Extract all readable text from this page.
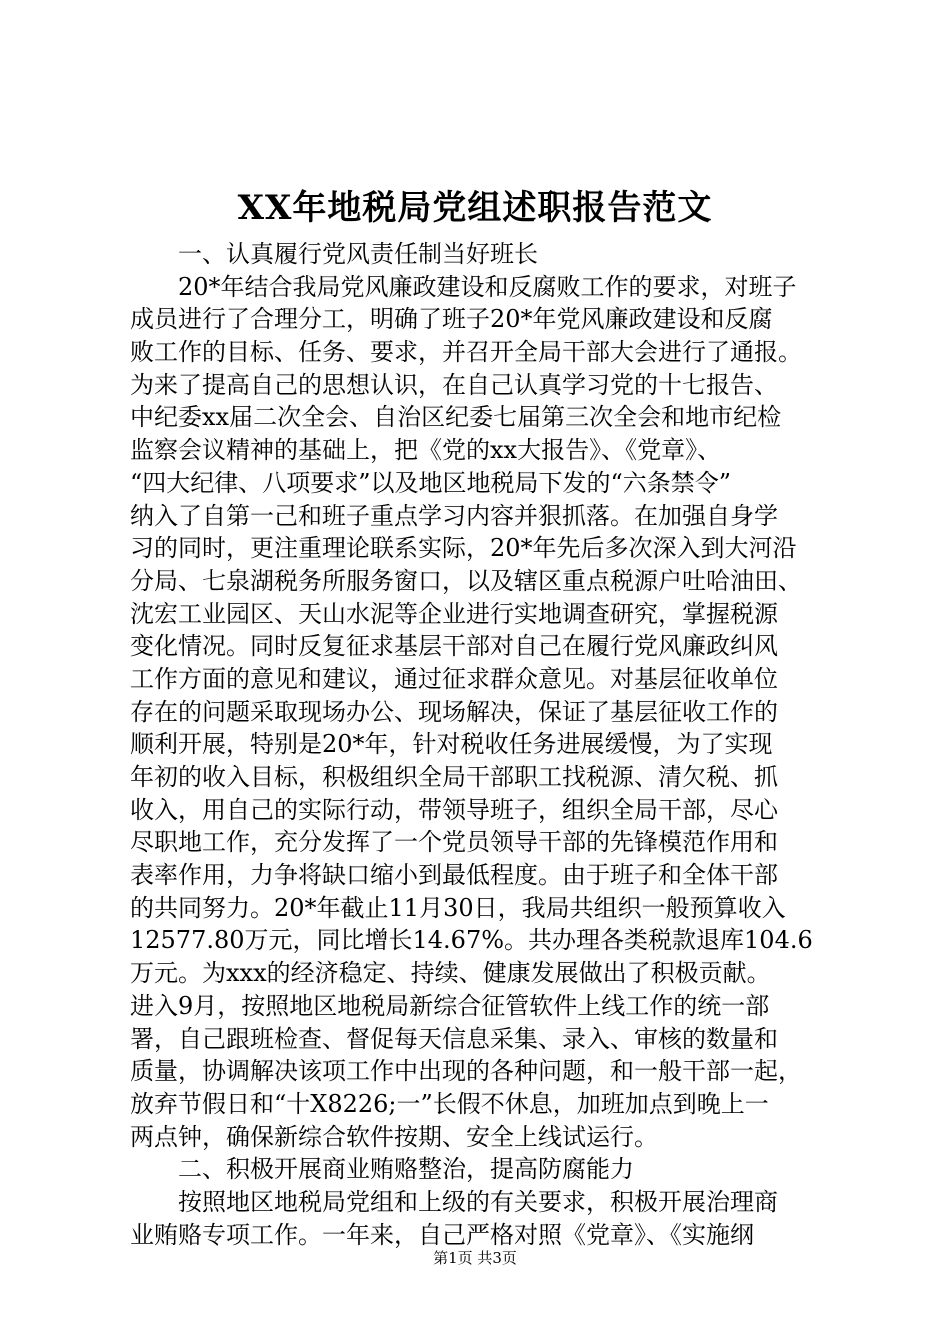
XX年地税局党组述职报告范文
一、认真履行党风责任制当好班长
20*年结合我局党风廉政建设和反腐败工作的要求，对班子
成员进行了合理分工，明确了班子20*年党风廉政建设和反腐
败工作的目标、任务、要求，并召开全局干部大会进行了通报。
为来了提高自己的思想认识，在自己认真学习党的十七报告、
中纪委xx届二次全会、自治区纪委七届第三次全会和地市纪检
监察会议精神的基础上，把《党的xx大报告》、《党章》、
“四大纪律、八项要求”以及地区地税局下发的“六条禁令”
纳入了自第一己和班子重点学习内容并狠抓落。在加强自身学
习的同时，更注重理论联系实际，20*年先后多次深入到大河沿
分局、七泉湖税务所服务窗口，以及辖区重点税源户吐哈油田、
沈宏工业园区、天山水泥等企业进行实地调查研究，掌握税源
变化情况。同时反复征求基层干部对自己在履行党风廉政纠风
工作方面的意见和建议，通过征求群众意见。对基层征收单位
存在的问题采取现场办公、现场解决，保证了基层征收工作的
顺利开展，特别是20*年，针对税收任务进展缓慢，为了实现
年初的收入目标，积极组织全局干部职工找税源、清欠税、抓
收入，用自己的实际行动，带领导班子，组织全局干部，尽心
尽职地工作，充分发挥了一个党员领导干部的先锋模范作用和
表率作用，力争将缺口缩小到最低程度。由于班子和全体干部
的共同努力。20*年截止11月30日，我局共组织一般预算收入
12577.80万元，同比增长14.67%。共办理各类税款退库104.6
万元。为xxx的经济稳定、持续、健康发展做出了积极贡献。
进入9月，按照地区地税局新综合征管软件上线工作的统一部
署，自己跟班检查、督促每天信息采集、录入、审核的数量和
质量，协调解决该项工作中出现的各种问题，和一般干部一起，
放弃节假日和“十X8226;一”长假不休息，加班加点到晚上一
两点钟，确保新综合软件按期、安全上线试运行。
二、积极开展商业贿赂整治，提高防腐能力
按照地区地税局党组和上级的有关要求，积极开展治理商
业贿赂专项工作。一年来，自己严格对照《党章》、《实施纲
第1页 共3页
